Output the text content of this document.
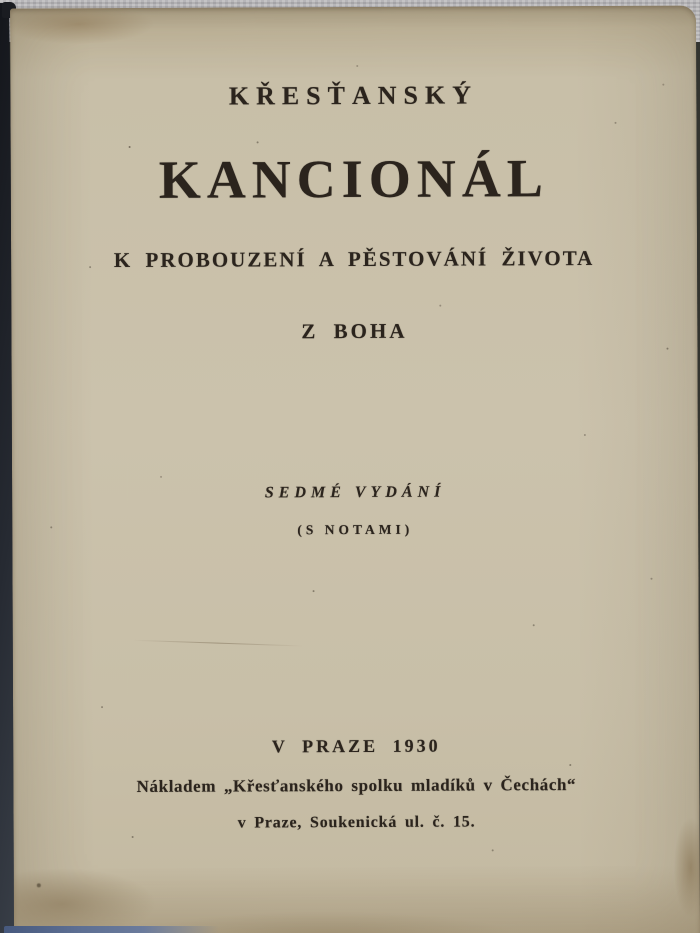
KŘESŤANSKÝ
KANCIONÁL
K PROBOUZENÍ A PĚSTOVÁNÍ ŽIVOTA
Z BOHA
SEDMÉ VYDÁNÍ
(S NOTAMI)
V PRAZE 1930
Nákladem „Křesťanského spolku mladíků v Čechách“
v Praze, Soukenická ul. č. 15.
